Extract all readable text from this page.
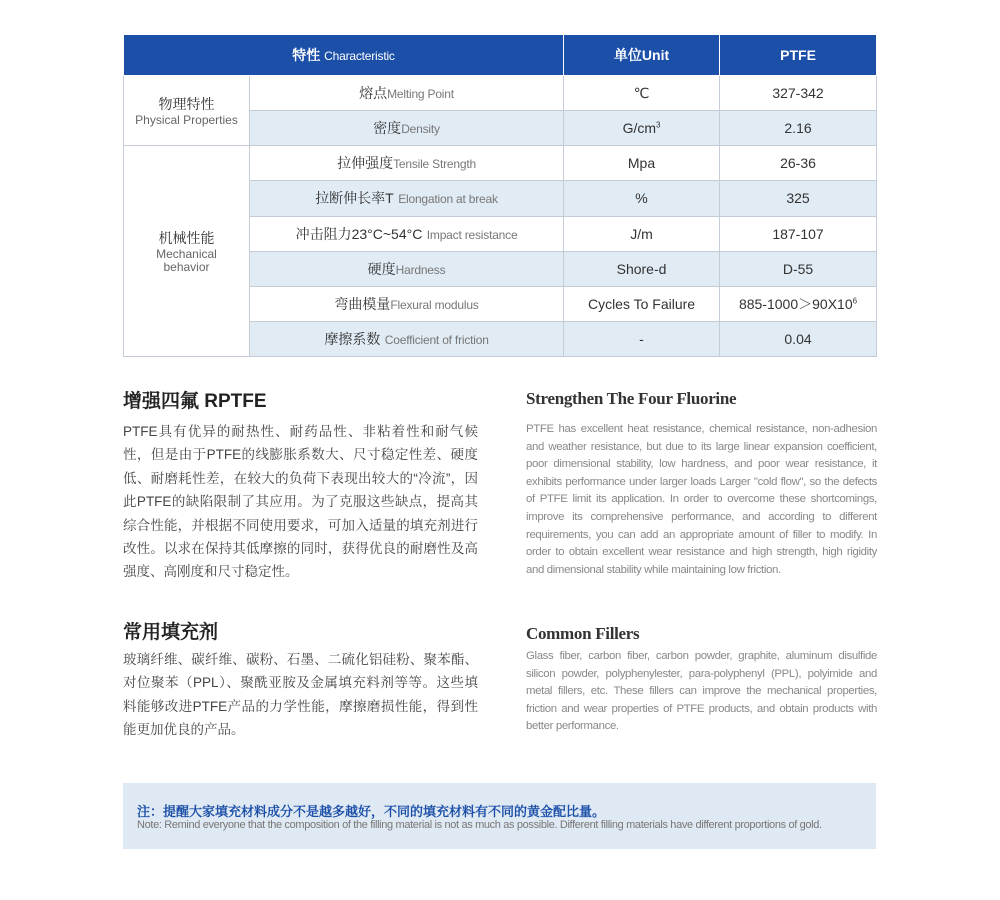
特性 Characteristic		单位Unit	PTFE

物理特性
Physical Properties	熔点Melting Point	℃	327-342
	密度Density	$G/cm^3$	2.16

机械性能
Mechanical behavior	拉伸强度Tensile Strength	Mpa	26-36
	拉断伸长率T Elongation at break	%	325
	冲击阻力23°C~54°C Impact resistance	J/m	187-107
	硬度Hardness	Shore-d	D-55
	弯曲模量Flexural modulus	Cycles To Failure	$885-1000>90X10^6$
	摩擦系数 Coefficient of friction	-	0.04
增强四氟 RPTFE	Strengthen The Four Fluorine

PTFE具有优异的耐热性、耐药品性、非粘着性和耐气候性，但是由于PTFE的线膨胀系数大、尺寸稳定性差、硬度低、耐磨耗性差，在较大的负荷下表现出较大的“冷流”，因此PTFE的缺陷限制了其应用。为了克服这些缺点，提高其综合性能，并根据不同使用要求，可加入适量的填充剂进行改性。以求在保持其低摩擦的同时，获得优良的耐磨性及高强度、高刚度和尺寸稳定性。

PTFE has excellent heat resistance, chemical resistance, non-adhesion and weather resistance, but due to its large linear expansion coefficient, poor dimensional stability, low hardness, and poor wear resistance, it exhibits performance under larger loads Larger "cold flow", so the defects of PTFE limit its application. In order to overcome these shortcomings, improve its comprehensive performance, and according to different requirements, you can add an appropriate amount of filler to modify. In order to obtain excellent wear resistance and high strength, high rigidity and dimensional stability while maintaining low friction.

常用填充剂	Common Fillers

玻璃纤维、碳纤维、碳粉、石墨、二硫化铝硅粉、聚苯酯、对位聚苯（PPL）、聚酰亚胺及金属填充料剂等等。这些填料能够改进PTFE产品的力学性能，摩擦磨损性能，得到性能更加优良的产品。

Glass fiber, carbon fiber, carbon powder, graphite, aluminum disulfide silicon powder, polyphenylester, para-polyphenyl (PPL), polyimide and metal fillers, etc. These fillers can improve the mechanical properties, friction and wear properties of PTFE products, and obtain products with better performance.

注：提醒大家填充材料成分不是越多越好，不同的填充材料有不同的黄金配比量。

Note: Remind everyone that the composition of the filling material is not as much as possible. Different filling materials have different proportions of gold.
